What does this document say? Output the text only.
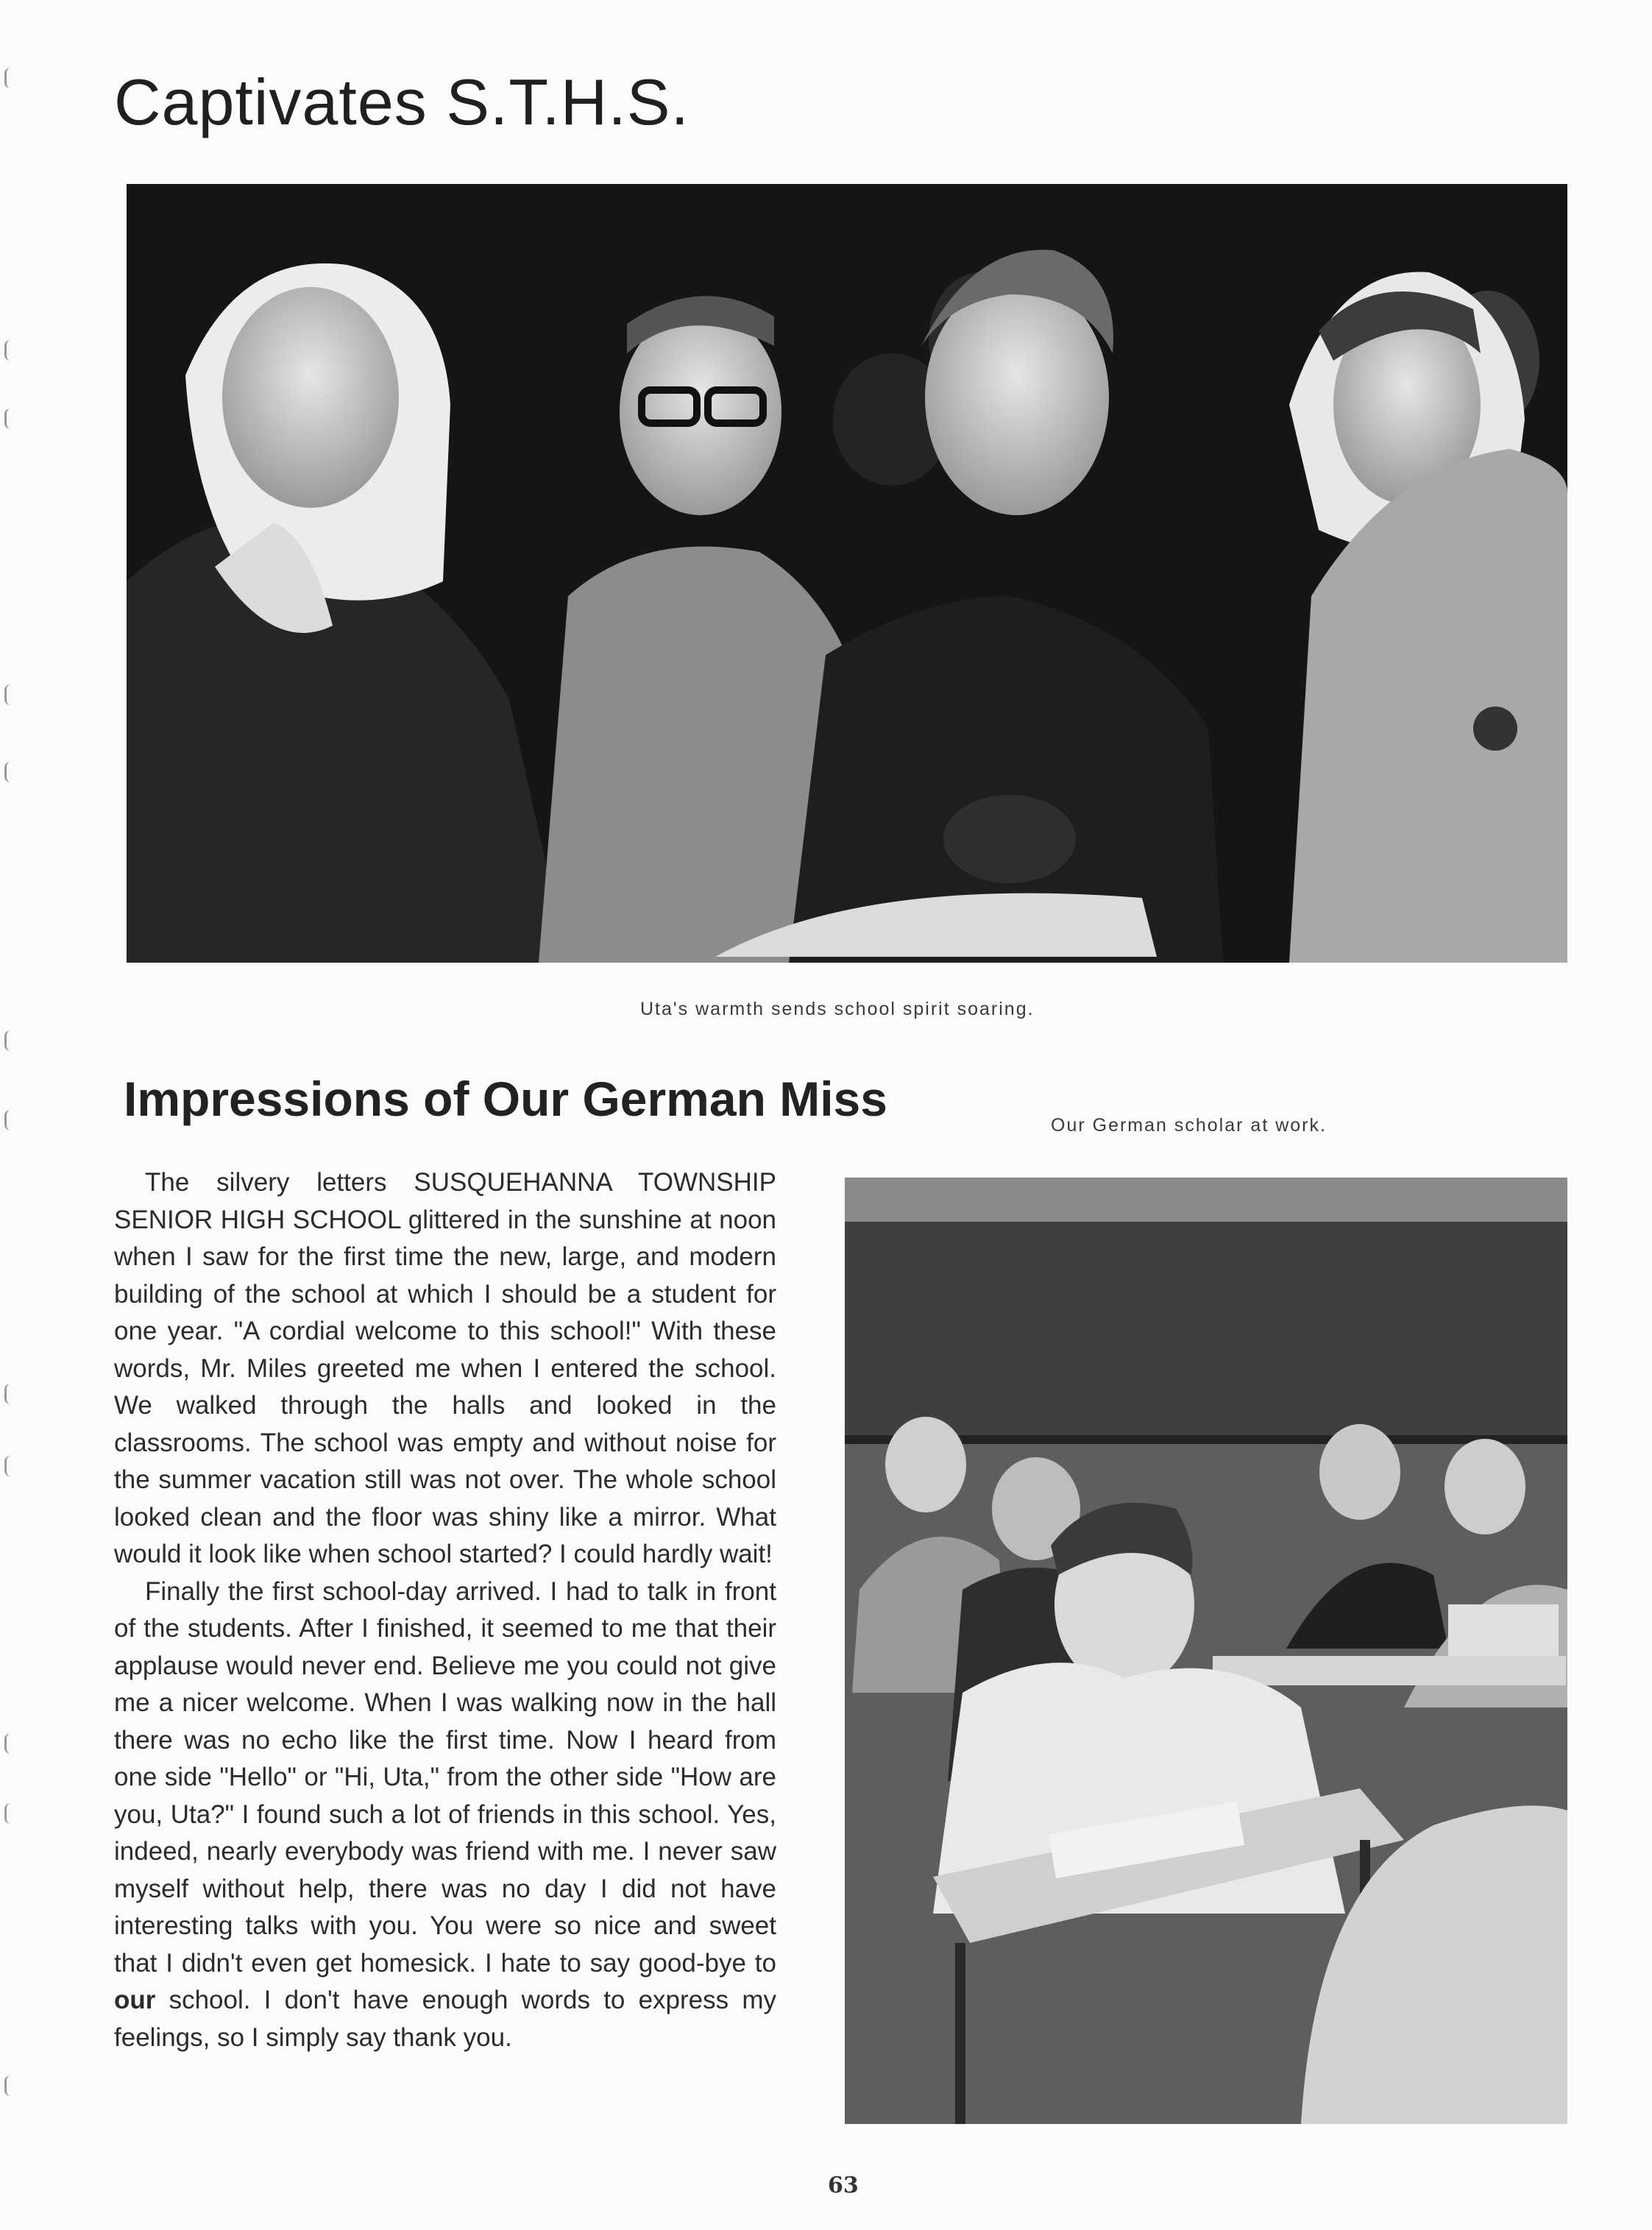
Captivates S.T.H.S.
Uta's warmth sends school spirit soaring.
Impressions of Our German Miss	Our German scholar at work.

The silvery letters SUSQUEHANNA TOWNSHIP SENIOR HIGH SCHOOL glittered in the sunshine at noon when I saw for the first time the new, large, and modern building of the school at which I should be a student for one year. "A cordial welcome to this school!" With these words, Mr. Miles greeted me when I entered the school. We walked through the halls and looked in the classrooms. The school was empty and without noise for the summer vacation still was not over. The whole school looked clean and the floor was shiny like a mirror. What would it look like when school started? I could hardly wait!

Finally the first school-day arrived. I had to talk in front of the students. After I finished, it seemed to me that their applause would never end. Believe me you could not give me a nicer welcome. When I was walking now in the hall there was no echo like the first time. Now I heard from one side "Hello" or "Hi, Uta," from the other side "How are you, Uta?" I found such a lot of friends in this school. Yes, indeed, nearly everybody was friend with me. I never saw myself without help, there was no day I did not have interesting talks with you. You were so nice and sweet that I didn't even get homesick. I hate to say good-bye to our school. I don't have enough words to express my feelings, so I simply say thank you.

63
